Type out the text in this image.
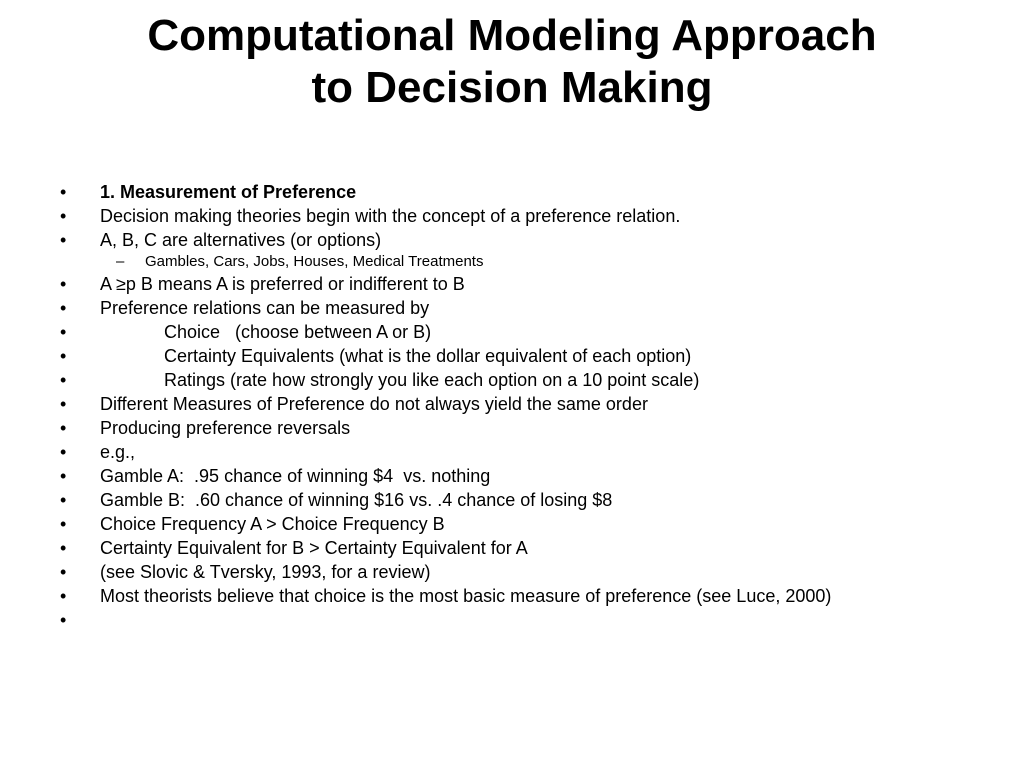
Computational Modeling Approach
to Decision Making
• 1. Measurement of Preference
• Decision making theories begin with the concept of a preference relation.
• A, B, C are alternatives (or options)
– Gambles, Cars, Jobs, Houses, Medical Treatments
• A ≥p B means A is preferred or indifferent to B
• Preference relations can be measured by
•	Choice   (choose between A or B)
•	Certainty Equivalents (what is the dollar equivalent of each option)
•	Ratings (rate how strongly you like each option on a 10 point scale)
• Different Measures of Preference do not always yield the same order
• Producing preference reversals
• e.g.,
• Gamble A:  .95 chance of winning $4  vs. nothing
• Gamble B:  .60 chance of winning $16 vs. .4 chance of losing $8
• Choice Frequency A > Choice Frequency B
• Certainty Equivalent for B > Certainty Equivalent for A
• (see Slovic & Tversky, 1993, for a review)
• Most theorists believe that choice is the most basic measure of preference (see Luce, 2000)
•
